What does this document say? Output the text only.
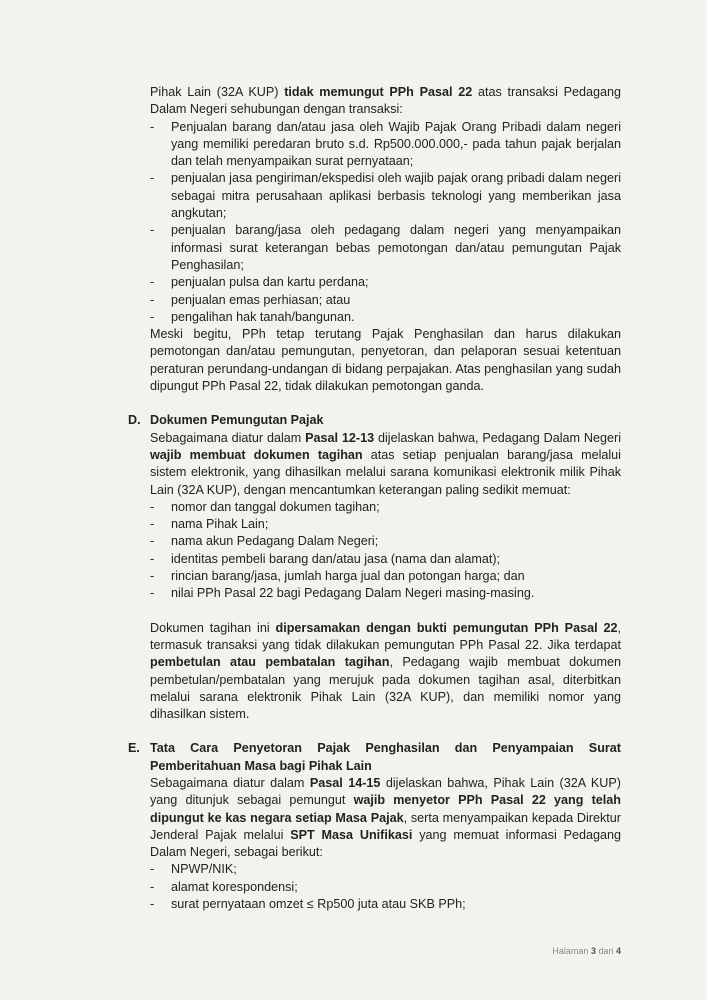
Pihak Lain (32A KUP) tidak memungut PPh Pasal 22 atas transaksi Pedagang Dalam Negeri sehubungan dengan transaksi:

- Penjualan barang dan/atau jasa oleh Wajib Pajak Orang Pribadi dalam negeri yang memiliki peredaran bruto s.d. Rp500.000.000,- pada tahun pajak berjalan dan telah menyampaikan surat pernyataan;
- penjualan jasa pengiriman/ekspedisi oleh wajib pajak orang pribadi dalam negeri sebagai mitra perusahaan aplikasi berbasis teknologi yang memberikan jasa angkutan;
- penjualan barang/jasa oleh pedagang dalam negeri yang menyampaikan informasi surat keterangan bebas pemotongan dan/atau pemungutan Pajak Penghasilan;
- penjualan pulsa dan kartu perdana;
- penjualan emas perhiasan; atau
- pengalihan hak tanah/bangunan.

Meski begitu, PPh tetap terutang Pajak Penghasilan dan harus dilakukan pemotongan dan/atau pemungutan, penyetoran, dan pelaporan sesuai ketentuan peraturan perundang-undangan di bidang perpajakan. Atas penghasilan yang sudah dipungut PPh Pasal 22, tidak dilakukan pemotongan ganda.

D. Dokumen Pemungutan Pajak

Sebagaimana diatur dalam Pasal 12-13 dijelaskan bahwa, Pedagang Dalam Negeri wajib membuat dokumen tagihan atas setiap penjualan barang/jasa melalui sistem elektronik, yang dihasilkan melalui sarana komunikasi elektronik milik Pihak Lain (32A KUP), dengan mencantumkan keterangan paling sedikit memuat:

- nomor dan tanggal dokumen tagihan;
- nama Pihak Lain;
- nama akun Pedagang Dalam Negeri;
- identitas pembeli barang dan/atau jasa (nama dan alamat);
- rincian barang/jasa, jumlah harga jual dan potongan harga; dan
- nilai PPh Pasal 22 bagi Pedagang Dalam Negeri masing-masing.

Dokumen tagihan ini dipersamakan dengan bukti pemungutan PPh Pasal 22, termasuk transaksi yang tidak dilakukan pemungutan PPh Pasal 22. Jika terdapat pembetulan atau pembatalan tagihan, Pedagang wajib membuat dokumen pembetulan/pembatalan yang merujuk pada dokumen tagihan asal, diterbitkan melalui sarana elektronik Pihak Lain (32A KUP), dan memiliki nomor yang dihasilkan sistem.

E. Tata Cara Penyetoran Pajak Penghasilan dan Penyampaian Surat Pemberitahuan Masa bagi Pihak Lain

Sebagaimana diatur dalam Pasal 14-15 dijelaskan bahwa, Pihak Lain (32A KUP) yang ditunjuk sebagai pemungut wajib menyetor PPh Pasal 22 yang telah dipungut ke kas negara setiap Masa Pajak, serta menyampaikan kepada Direktur Jenderal Pajak melalui SPT Masa Unifikasi yang memuat informasi Pedagang Dalam Negeri, sebagai berikut:

- NPWP/NIK;
- alamat korespondensi;
- surat pernyataan omzet ≤ Rp500 juta atau SKB PPh;
Halaman 3 dari 4
